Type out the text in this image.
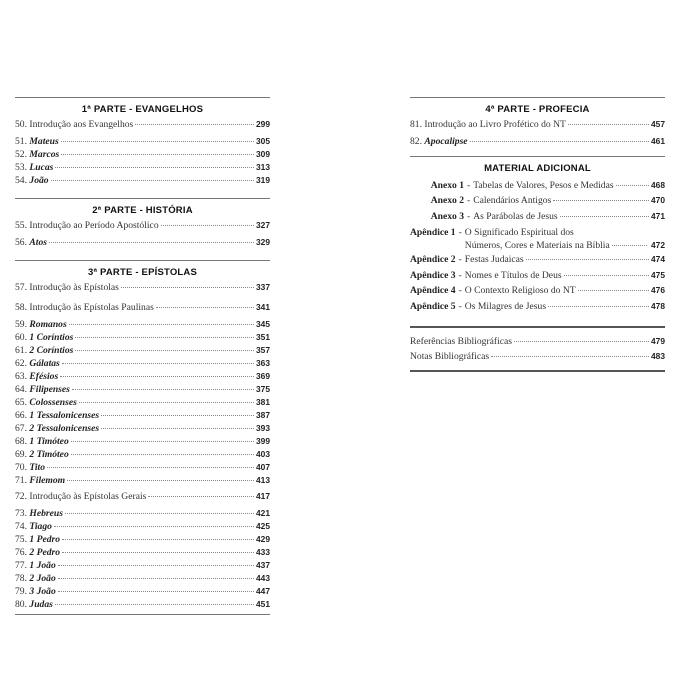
1ª PARTE - EVANGELHOS
50. Introdução aos Evangelhos	299
51. Mateus	305
52. Marcos	309
53. Lucas	313
54. João	319
2ª PARTE - HISTÓRIA
55. Introdução ao Período Apostólico	327
56. Atos	329
3ª PARTE - EPÍSTOLAS
57. Introdução às Epístolas	337
58. Introdução às Epístolas Paulinas	341
59. Romanos	345
60. 1 Coríntios	351
61. 2 Coríntios	357
62. Gálatas	363
63. Efésios	369
64. Filipenses	375
65. Colossenses	381
66. 1 Tessalonicenses	387
67. 2 Tessalonicenses	393
68. 1 Timóteo	399
69. 2 Timóteo	403
70. Tito	407
71. Filemom	413
72. Introdução às Epístolas Gerais	417
73. Hebreus	421
74. Tiago	425
75. 1 Pedro	429
76. 2 Pedro	433
77. 1 João	437
78. 2 João	443
79. 3 João	447
80. Judas	451
4ª PARTE - PROFECIA
81. Introdução ao Livro Profético do NT	457
82. Apocalipse	461
MATERIAL ADICIONAL
Anexo 1 - Tabelas de Valores, Pesos e Medidas	468
Anexo 2 - Calendários Antigos	470
Anexo 3 - As Parábolas de Jesus	471
Apêndice 1 - O Significado Espiritual dos
Números, Cores e Materiais na Bíblia	472
Apêndice 2 - Festas Judaicas	474
Apêndice 3 - Nomes e Títulos de Deus	475
Apêndice 4 - O Contexto Religioso do NT	476
Apêndice 5 - Os Milagres de Jesus	478
Referências Bibliográficas	479
Notas Bibliográficas	483
